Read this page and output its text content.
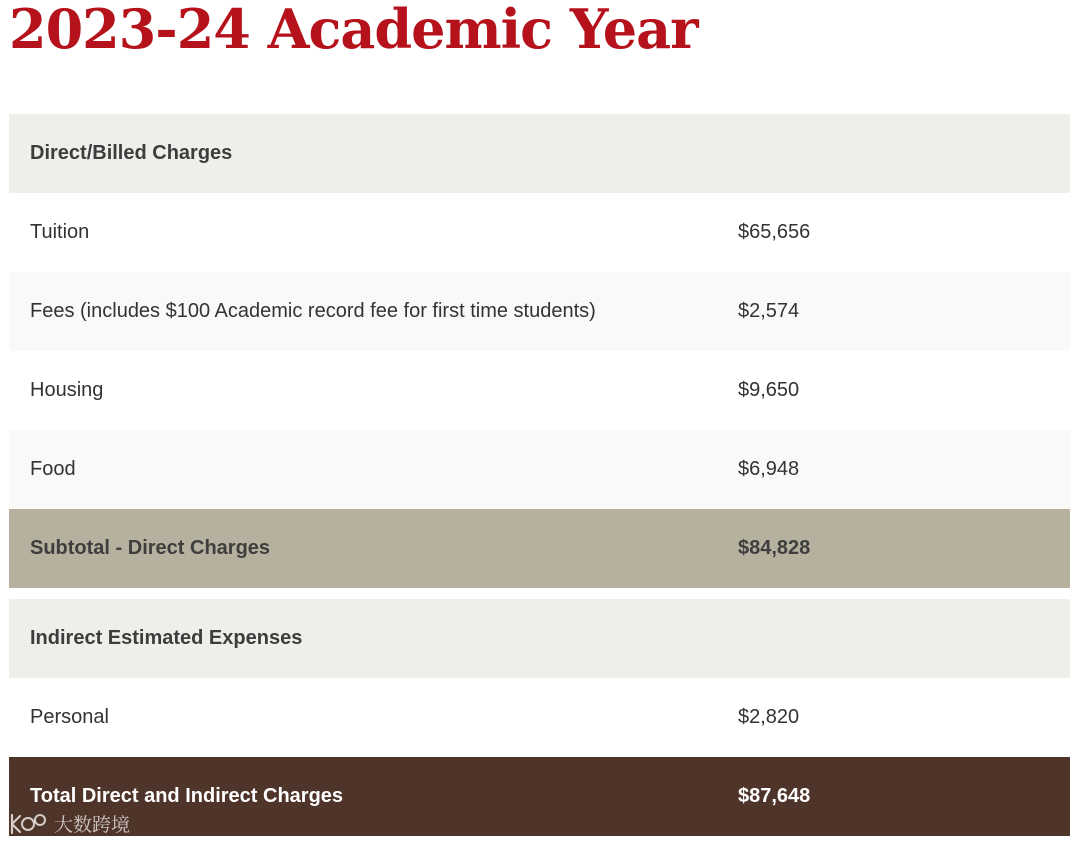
2023-24 Academic Year
Direct/Billed Charges
Tuition	$65,656
Fees (includes $100 Academic record fee for first time students)	$2,574
Housing	$9,650
Food	$6,948
Subtotal - Direct Charges	$84,828
Indirect Estimated Expenses
Personal	$2,820
Total Direct and Indirect Charges	$87,648
大数跨境
